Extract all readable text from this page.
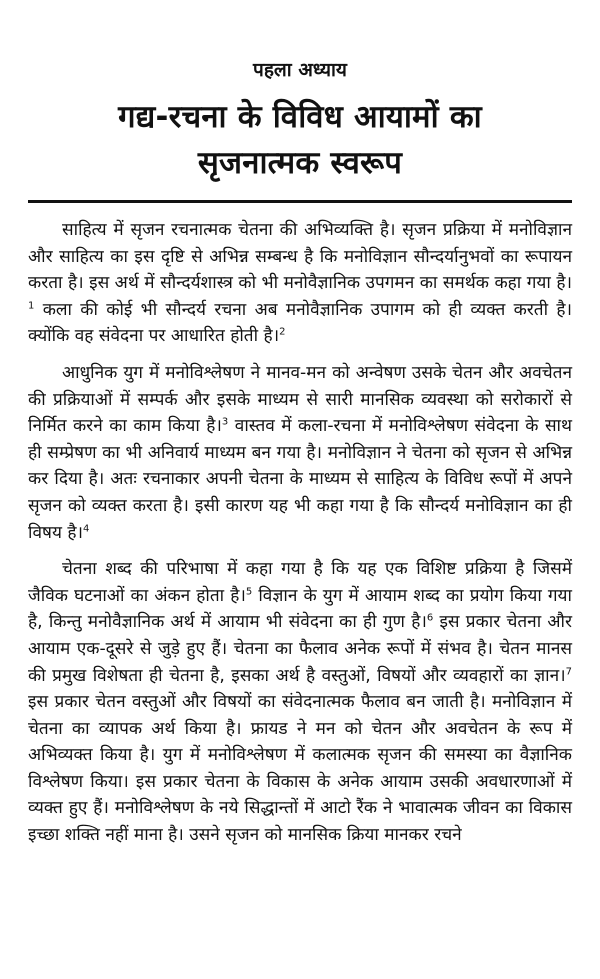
पहला अध्याय

गद्य-रचना के विविध आयामों का

सृजनात्मक स्वरूप

साहित्य में सृजन रचनात्मक चेतना की अभिव्यक्ति है। सृजन प्रक्रिया में मनोविज्ञान और साहित्य का इस दृष्टि से अभिन्न सम्बन्ध है कि मनोविज्ञान सौन्दर्यानुभवों का रूपायन करता है। इस अर्थ में सौन्दर्यशास्त्र को भी मनोवैज्ञानिक उपगमन का समर्थक कहा गया है।$^1$ कला की कोई भी सौन्दर्य रचना अब मनोवैज्ञानिक उपागम को ही व्यक्त करती है। क्योंकि वह संवेदना पर आधारित होती है।$^2$

आधुनिक युग में मनोविश्लेषण ने मानव-मन को अन्वेषण उसके चेतन और अवचेतन की प्रक्रियाओं में सम्पर्क और इसके माध्यम से सारी मानसिक व्यवस्था को सरोकारों से निर्मित करने का काम किया है।$^3$ वास्तव में कला-रचना में मनोविश्लेषण संवेदना के साथ ही सम्प्रेषण का भी अनिवार्य माध्यम बन गया है। मनोविज्ञान ने चेतना को सृजन से अभिन्न कर दिया है। अतः रचनाकार अपनी चेतना के माध्यम से साहित्य के विविध रूपों में अपने सृजन को व्यक्त करता है। इसी कारण यह भी कहा गया है कि सौन्दर्य मनोविज्ञान का ही विषय है।$^4$

चेतना शब्द की परिभाषा में कहा गया है कि यह एक विशिष्ट प्रक्रिया है जिसमें जैविक घटनाओं का अंकन होता है।$^5$ विज्ञान के युग में आयाम शब्द का प्रयोग किया गया है, किन्तु मनोवैज्ञानिक अर्थ में आयाम भी संवेदना का ही गुण है।$^6$ इस प्रकार चेतना और आयाम एक-दूसरे से जुड़े हुए हैं। चेतना का फैलाव अनेक रूपों में संभव है। चेतन मानस की प्रमुख विशेषता ही चेतना है, इसका अर्थ है वस्तुओं, विषयों और व्यवहारों का ज्ञान।$^7$ इस प्रकार चेतन वस्तुओं और विषयों का संवेदनात्मक फैलाव बन जाती है। मनोविज्ञान में चेतना का व्यापक अर्थ किया है। फ्रायड ने मन को चेतन और अवचेतन के रूप में अभिव्यक्त किया है। युग में मनोविश्लेषण में कलात्मक सृजन की समस्या का वैज्ञानिक विश्लेषण किया। इस प्रकार चेतना के विकास के अनेक आयाम उसकी अवधारणाओं में व्यक्त हुए हैं। मनोविश्लेषण के नये सिद्धान्तों में आटो रैंक ने भावात्मक जीवन का विकास इच्छा शक्ति नहीं माना है। उसने सृजन को मानसिक क्रिया मानकर रचने
